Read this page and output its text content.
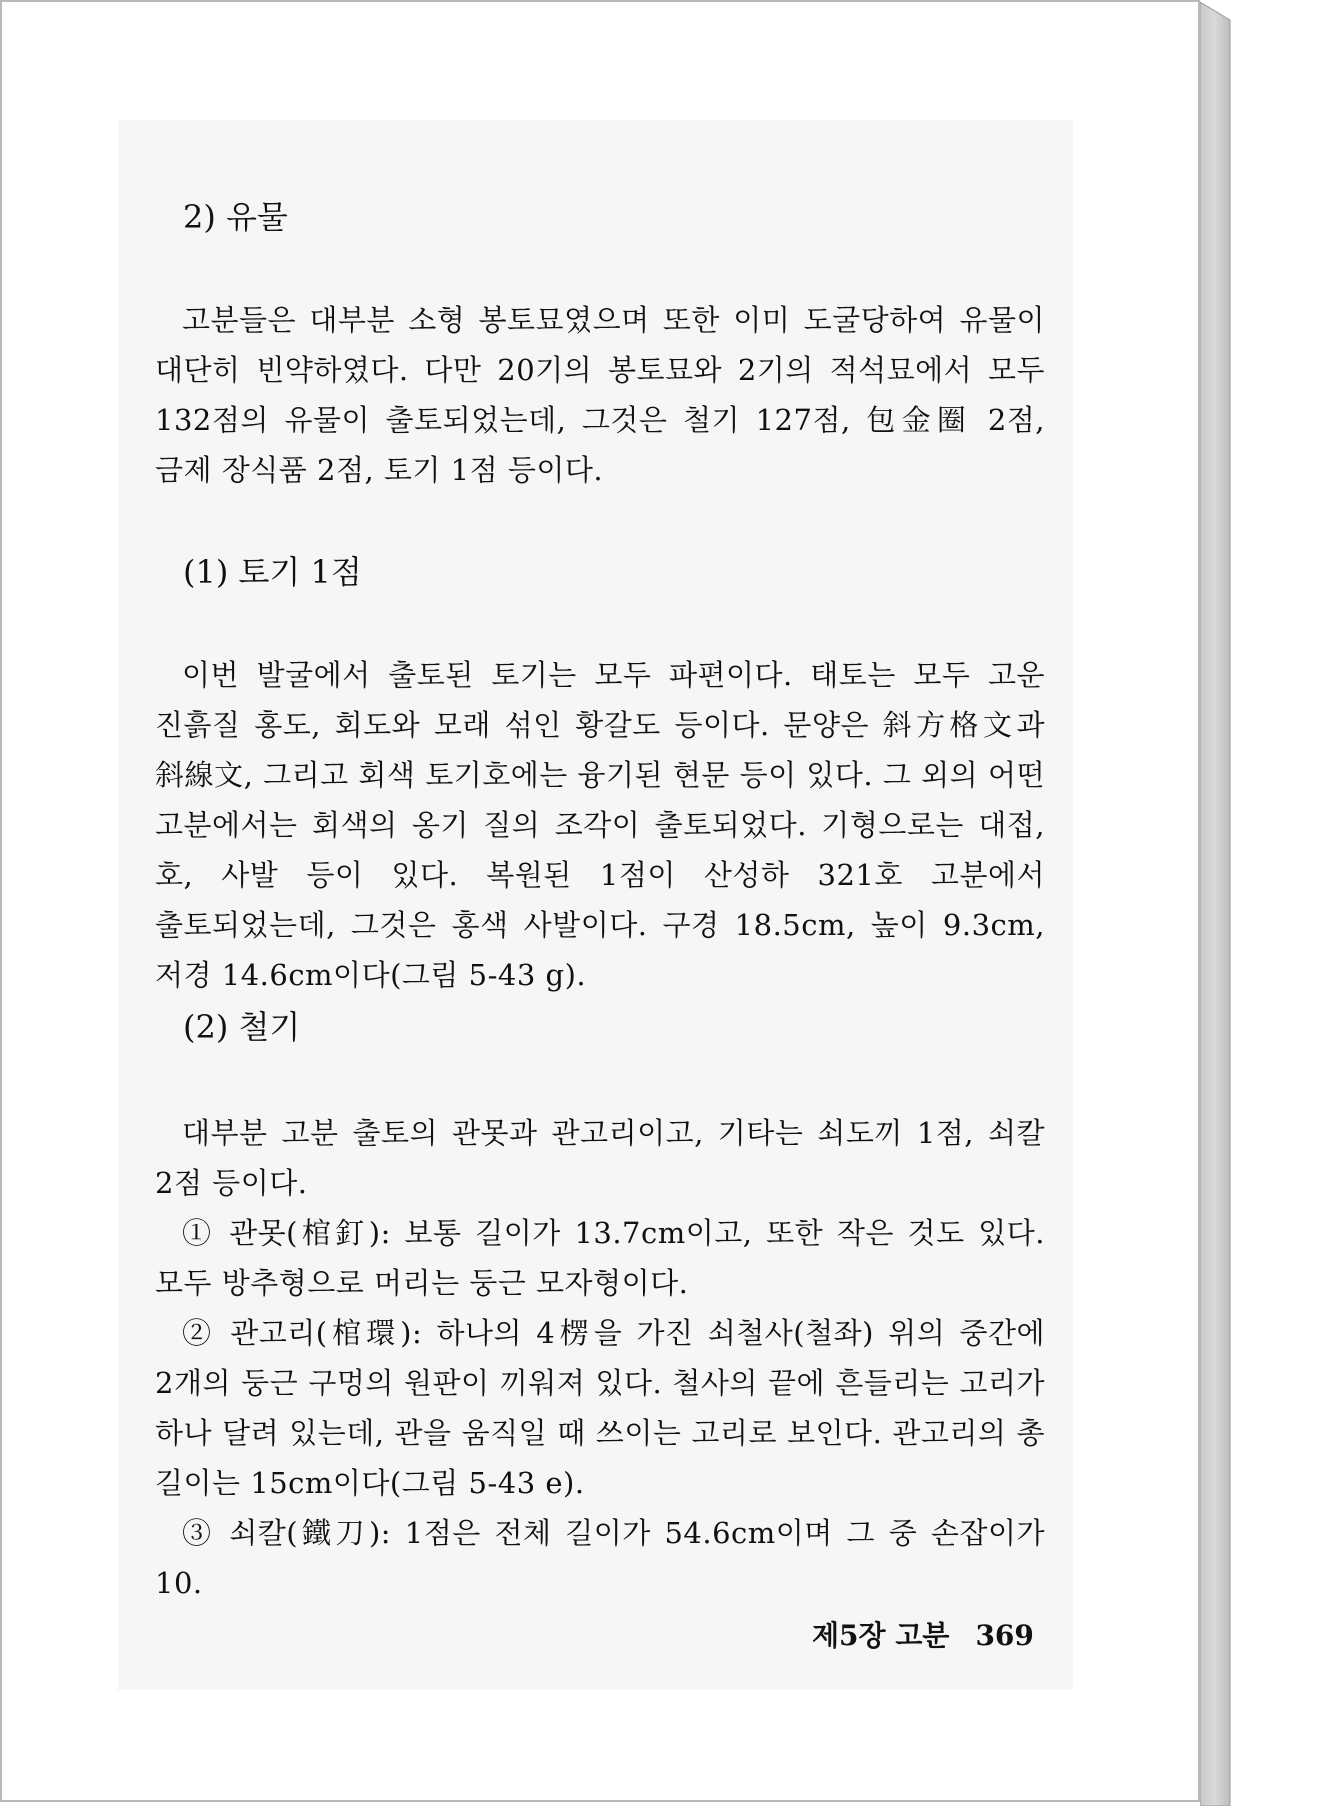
2) 유물

고분들은 대부분 소형 봉토묘였으며 또한 이미 도굴당하여 유물이 대단히 빈약하였다. 다만 20기의 봉토묘와 2기의 적석묘에서 모두 132점의 유물이 출토되었는데, 그것은 철기 127점, 包金圈 2점, 금제 장식품 2점, 토기 1점 등이다.

(1) 토기 1점

이번 발굴에서 출토된 토기는 모두 파편이다. 태토는 모두 고운 진흙질 홍도, 회도와 모래 섞인 황갈도 등이다. 문양은 斜方格文과 斜線文, 그리고 회색 토기호에는 융기된 현문 등이 있다. 그 외의 어떤 고분에서는 회색의 옹기 질의 조각이 출토되었다. 기형으로는 대접, 호, 사발 등이 있다. 복원된 1점이 산성하 321호 고분에서 출토되었는데, 그것은 홍색 사발이다. 구경 18.5cm, 높이 9.3cm, 저경 14.6cm이다(그림 5-43 g).

(2) 철기

대부분 고분 출토의 관못과 관고리이고, 기타는 쇠도끼 1점, 쇠칼 2점 등이다.

① 관못(棺釘): 보통 길이가 13.7cm이고, 또한 작은 것도 있다. 모두 방추형으로 머리는 둥근 모자형이다.

② 관고리(棺環): 하나의 4楞을 가진 쇠철사(철좌) 위의 중간에 2개의 둥근 구멍의 원판이 끼워져 있다. 철사의 끝에 흔들리는 고리가 하나 달려 있는데, 관을 움직일 때 쓰이는 고리로 보인다. 관고리의 총 길이는 15cm이다(그림 5-43 e).

③ 쇠칼(鐵刀): 1점은 전체 길이가 54.6cm이며 그 중 손잡이가 10.

제5장 고분 369
